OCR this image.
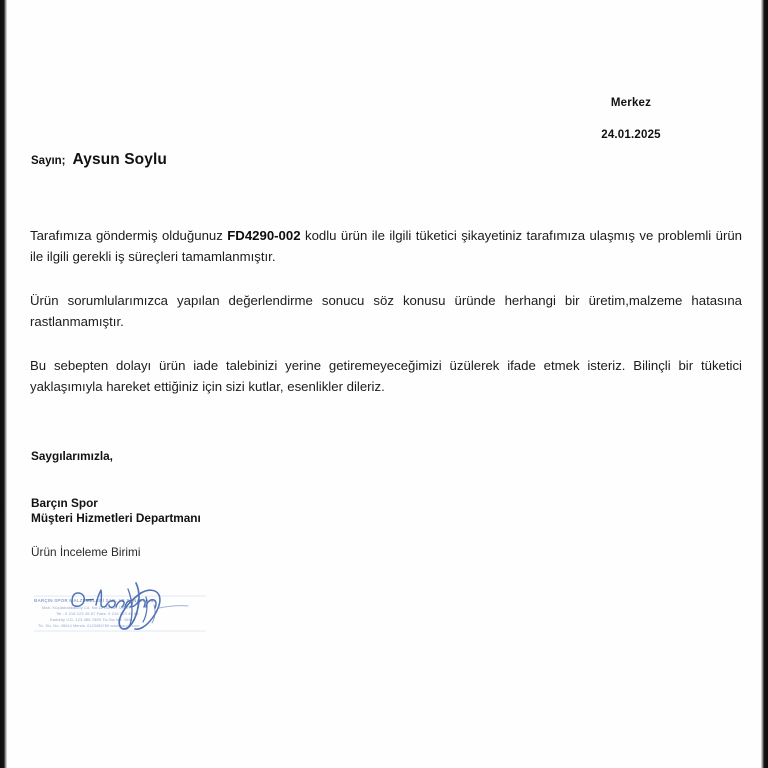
Merkez
24.01.2025
Sayın; Aysun Soylu

Tarafımıza göndermiş olduğunuz FD4290-002 kodlu ürün ile ilgili tüketici şikayetiniz tarafımıza ulaşmış ve problemli ürün ile ilgili gerekli iş süreçleri tamamlanmıştır.

Ürün sorumlularımızca yapılan değerlendirme sonucu söz konusu üründe herhangi bir üretim,malzeme hatasına rastlanmamıştır.

Bu sebepten dolayı ürün iade talebinizi yerine getiremeyeceğimizi üzülerek ifade etmek isteriz. Bilinçli bir tüketici yaklaşımıyla hareket ettiğiniz için sizi kutlar, esenlikler dileriz.

Saygılarımızla,
Barçın Spor
Müşteri Hizmetleri Departmanı
Ürün İnceleme Birimi
BARÇIN SPOR MALZEMELERİ SAN. VE SANAYİ A.Ş.
Mah. Küçükbakkalköy Cd. No:12 Bursa / İZMİR
Tel.: 0 216 123 45 67 Faks: 0 216 123 45 68
Kadıköy V.D. 123 456 7890 Tic.Sic.No: 45614
Tic. Sic. No: 45614 Mersis: 0123456789 www.barcin.com
